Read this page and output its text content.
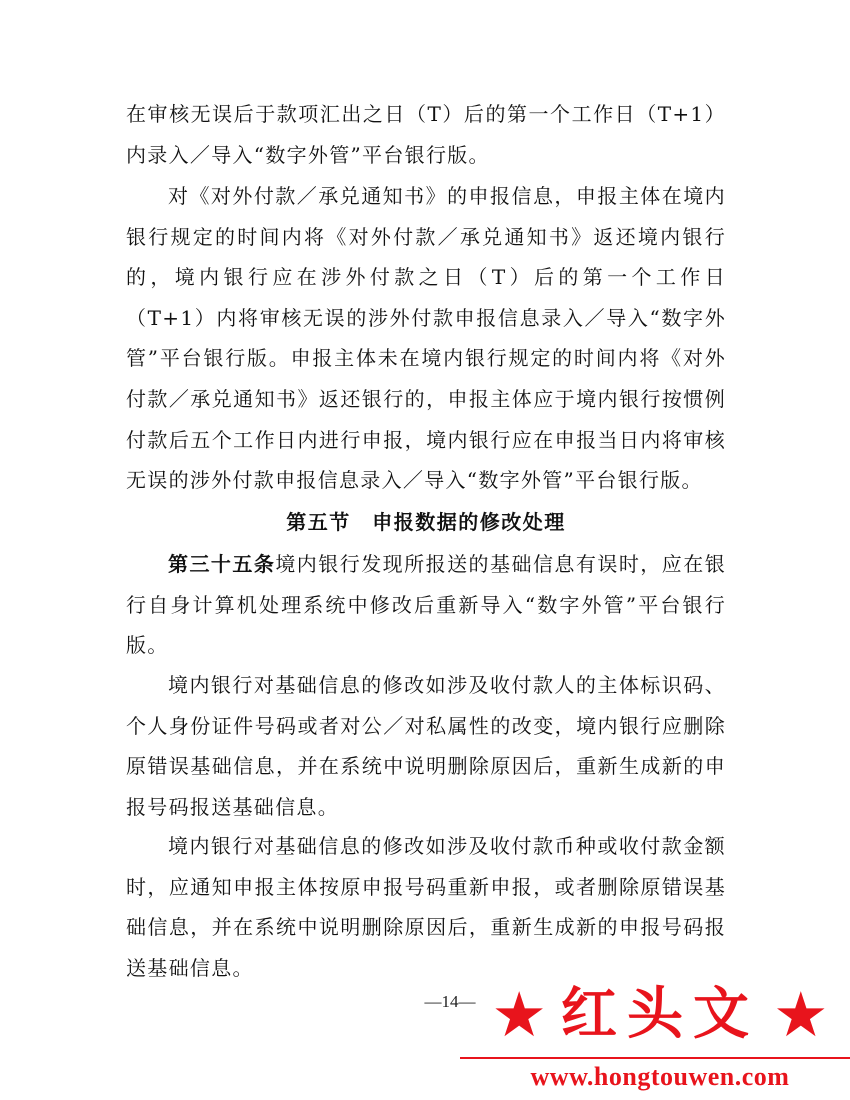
在审核无误后于款项汇出之日（T）后的第一个工作日（T+1）内录入／导入“数字外管”平台银行版。

对《对外付款／承兑通知书》的申报信息，申报主体在境内银行规定的时间内将《对外付款／承兑通知书》返还境内银行的，境内银行应在涉外付款之日（T）后的第一个工作日（T+1）内将审核无误的涉外付款申报信息录入／导入“数字外管”平台银行版。申报主体未在境内银行规定的时间内将《对外付款／承兑通知书》返还银行的，申报主体应于境内银行按惯例付款后五个工作日内进行申报，境内银行应在申报当日内将审核无误的涉外付款申报信息录入／导入“数字外管”平台银行版。

第五节　申报数据的修改处理

第三十五条境内银行发现所报送的基础信息有误时，应在银行自身计算机处理系统中修改后重新导入“数字外管”平台银行版。

境内银行对基础信息的修改如涉及收付款人的主体标识码、个人身份证件号码或者对公／对私属性的改变，境内银行应删除原错误基础信息，并在系统中说明删除原因后，重新生成新的申报号码报送基础信息。

境内银行对基础信息的修改如涉及收付款币种或收付款金额时，应通知申报主体按原申报号码重新申报，或者删除原错误基础信息，并在系统中说明删除原因后，重新生成新的申报号码报送基础信息。

—14— ★ 红头文 ★
www.hongtouwen.com
